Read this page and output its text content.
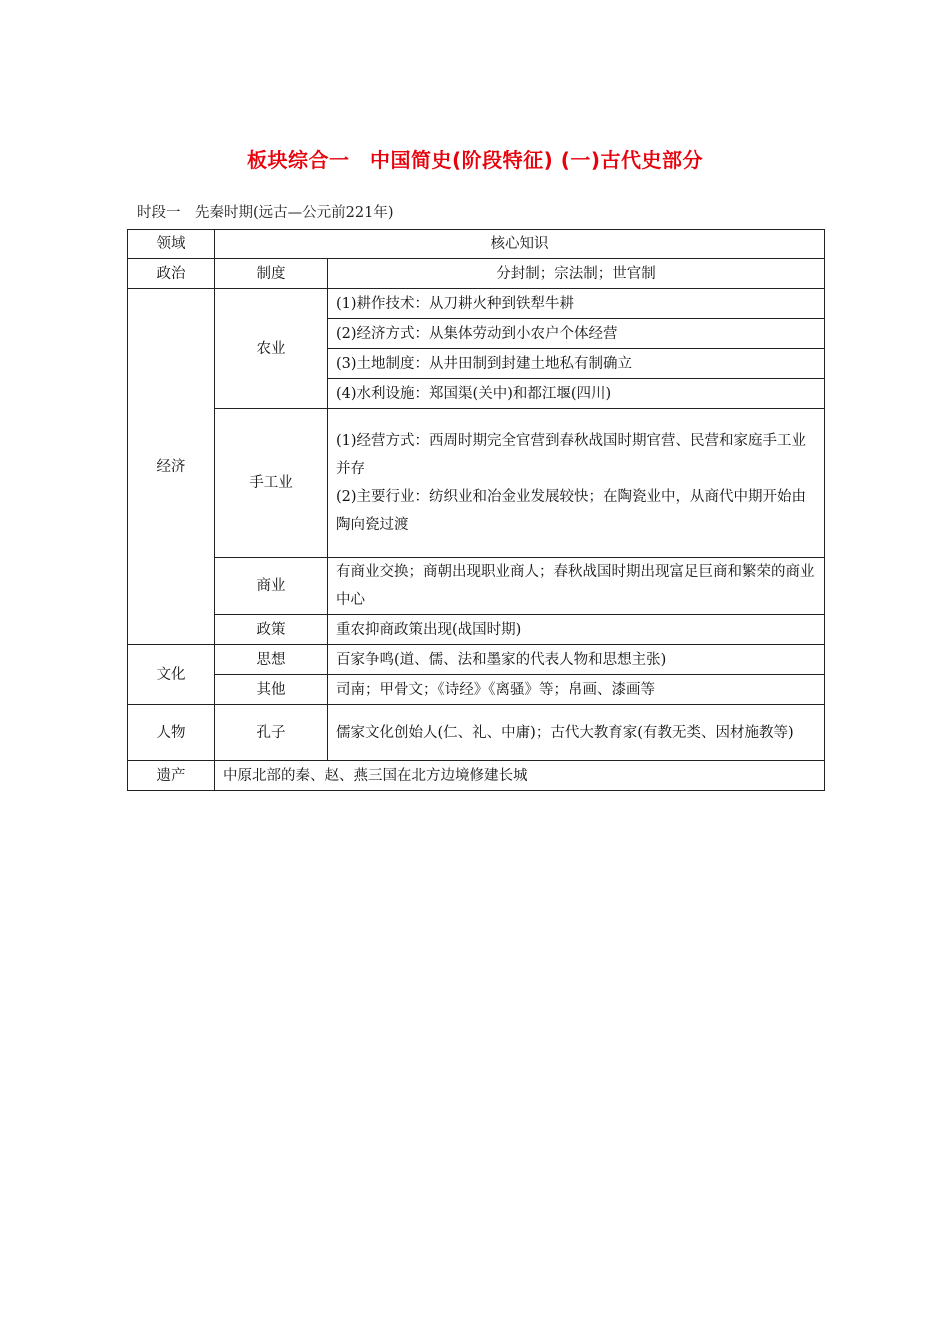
板块综合一　中国简史(阶段特征) (一)古代史部分
时段一　先秦时期(远古—公元前221年)
领域	核心知识	
政治	制度	分封制；宗法制；世官制
经济	农业	(1)耕作技术：从刀耕火种到铁犁牛耕
		(2)经济方式：从集体劳动到小农户个体经营
		(3)土地制度：从井田制到封建土地私有制确立
		(4)水利设施：郑国渠(关中)和都江堰(四川)
	手工业	(1)经营方式：西周时期完全官营到春秋战国时期官营、民营和家庭手工业并存
(2)主要行业：纺织业和冶金业发展较快；在陶瓷业中，从商代中期开始由陶向瓷过渡

	商业	有商业交换；商朝出现职业商人；春秋战国时期出现富足巨商和繁荣的商业中心
	政策	重农抑商政策出现(战国时期)
文化	思想	百家争鸣(道、儒、法和墨家的代表人物和思想主张)
	其他	司南；甲骨文；《诗经》《离骚》等；帛画、漆画等
人物	孔子	儒家文化创始人(仁、礼、中庸)；古代大教育家(有教无类、因材施教等)
遗产	中原北部的秦、赵、燕三国在北方边境修建长城	
